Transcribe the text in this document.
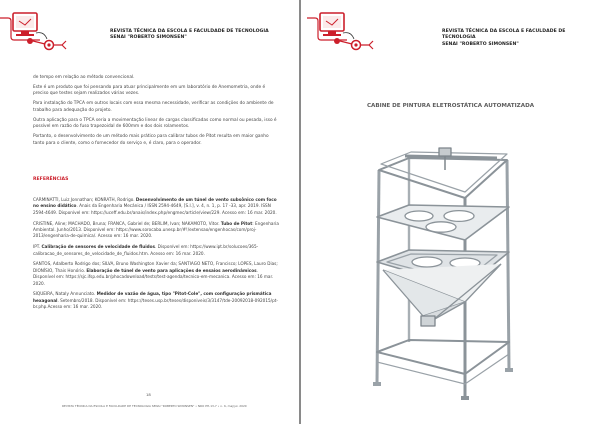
REVISTA TÉCNICA DA ESCOLA E FACULDADE DE TECNOLOGIA
SENAI "ROBERTO SIMONSEN"

de tempo em relação ao método convencional.

Este é um produto que foi pensando para atuar principalmente em um laboratório de Anemometria, onde é preciso que testes sejam realizados várias vezes.

Para instalação do TPCA em outros locais com essa mesma necessidade, verificar as condições do ambiente de trabalho para adequação do projeto.

Outra aplicação para o TPCA seria a movimentação linear de cargas classificadas como normal ou pesada, isso é possível em razão do fuso trapezoidal de 600mm e dos dois rolamentos.

Portanto, o desenvolvimento de um método mais prático para calibrar tubos de Pitot resulta em maior ganho tanto para o cliente, como o fornecedor do serviço e, é claro, para o operador.

REFERÊNCIAS
CARMINATTI, Luiz Jonnathan; KONRATH, Rodrigo. Desenvolvimento de um túnel de vento subsônico com foco no ensino didático. Anais da Engenharia Mecânica / ISSN 2594-4649, [S.l.], v. 4, n. 1, p. 17 -33, apr. 2019. ISSN 2594-4649. Disponível em: https://uceff.edu.br/anais/index.php/engmec/article/view/229. Acesso em: 16 mar. 2020.
CRISTINE, Aline; MACHADO, Bruna; FRANCA, Gabriel de; BERLIM, Ivan; NAKAMOTO, Vitor. Tubo de Pitot: Engenharia Ambiental. Junho/2013. Disponível em: https://www.sorocaba.unesp.br/#!/extensao/engenhocas/com/proj-2013/engenharia-de-quimica/. Acesso em: 16 mar. 2020.
IPT. Calibração de sensores de velocidade de fluidos. Disponível em: https://www.ipt.br/solucoes/365-calibracao_de_sensores_de_velocidade_de_fluidos.htm. Acesso em: 16 mar. 2020.
SANTOS, Adalberto Rodrigo dos; SILVA, Bruno Washington Xavier da; SANTIAGO NETO, Francisco; LOPES, Lauro Dias; DIONÍSIO, Thais Honório. Elaboração de túnel de vento para aplicações de ensaios aerodinâmicos. Disponível em: https://sjc.ifsp.edu.br/phocadownload/tests/test-agenda/tecnico-em-mecanica. Acesso em: 16 mar. 2020.
SIQUEIRA, Nataly Annunciato. Medidor de vazão de água, tipo "Pitot-Cole", com configuração prismática hexagonal. Setembro/2018. Disponível em: https://teses.usp.br/teses/disponiveis/3/3147/tde-20092018-092015/pt-br.php.Acesso em: 16 mar. 2020.
18
REVISTA TÉCNICA DA ESCOLA E FACULDADE DE TECNOLOGIA SENAI "ROBERTO SIMONSEN" • NRO PH-13-7 • n. 6, maj/jul. 2020
REVISTA TÉCNICA DA ESCOLA E FACULDADE DE TECNOLOGIA
SENAI "ROBERTO SIMONSEN"
CABINE DE PINTURA ELETROSTÁTICA AUTOMATIZADA
